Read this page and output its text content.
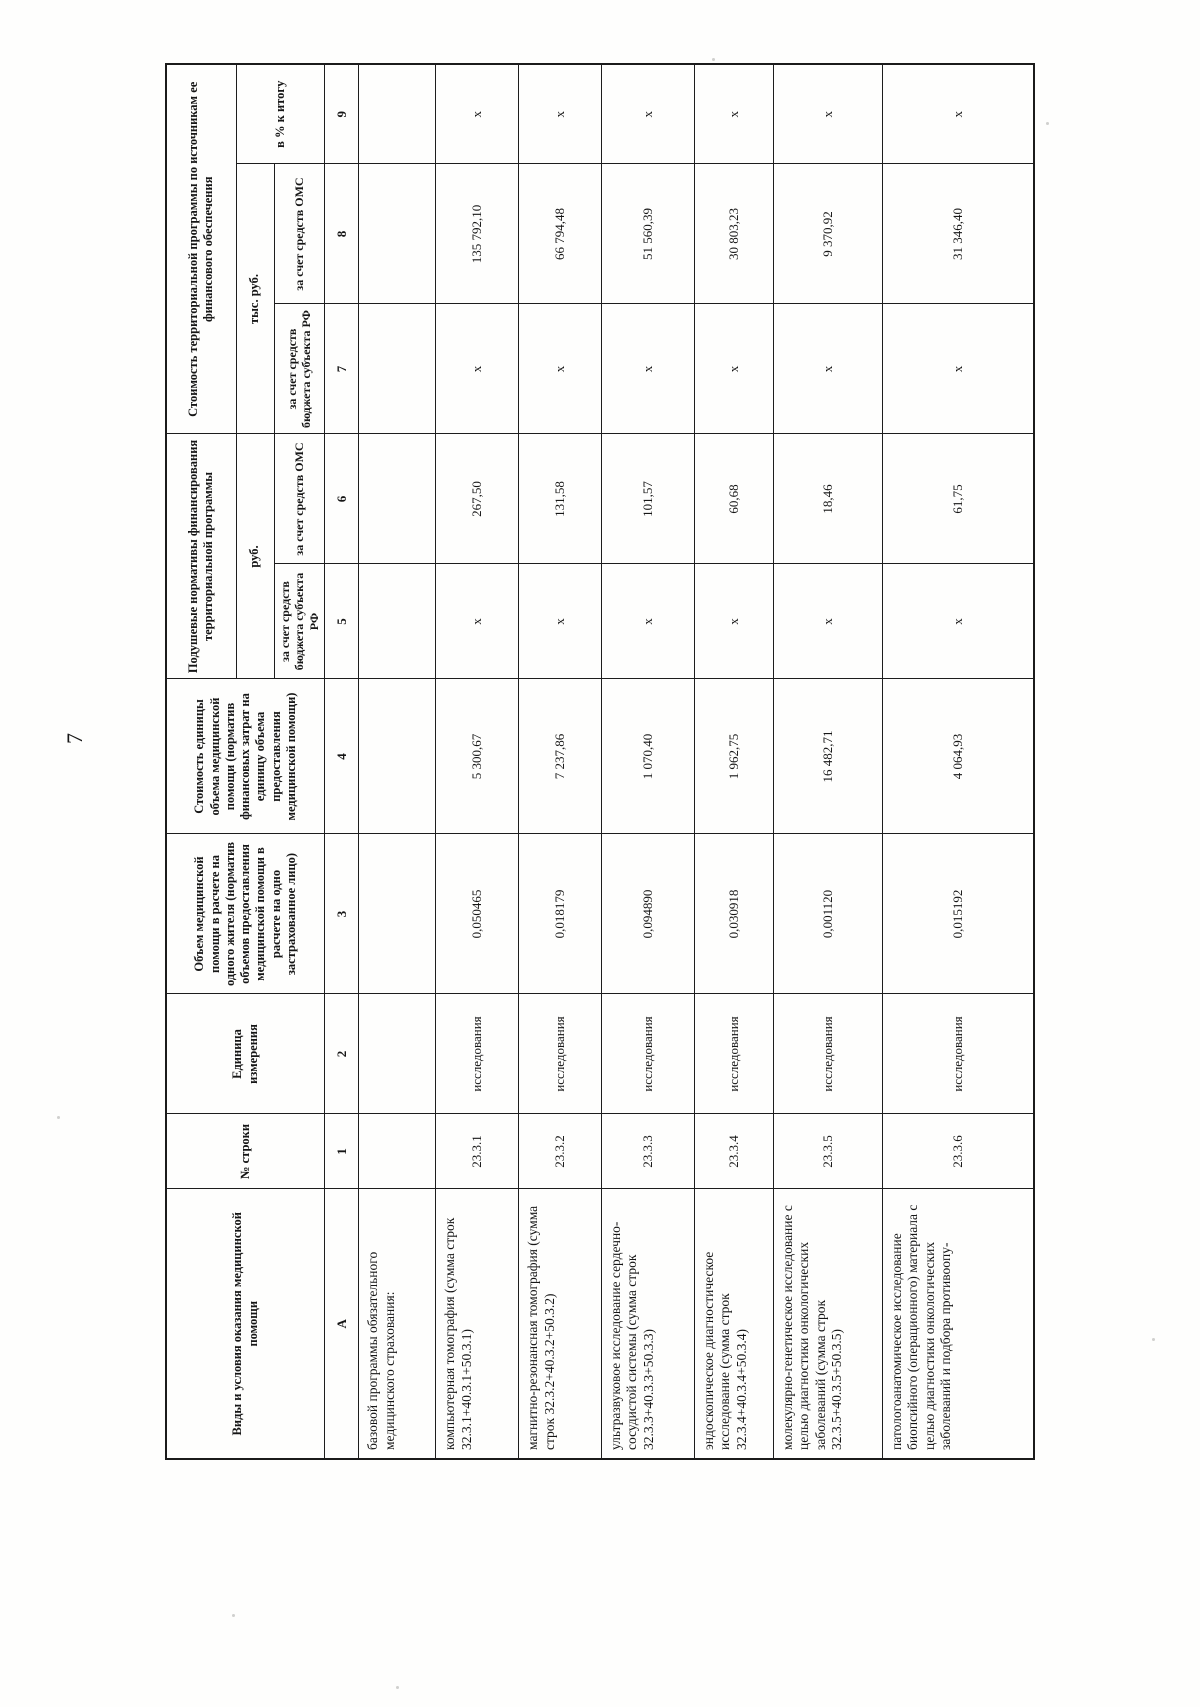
7
Виды и условия оказания медицинской помощи	№ строки	Единица измерения	Объем медицинской помощи в расчете на одного жителя (норматив объемов предоставления медицинской помощи в расчете на одно застрахованное лицо)	Стоимость единицы объема медицинской помощи (норматив финансовых затрат на единицу объема предоставления медицинской помощи)	Подушевые нормативы финансирования территориальной программы		Стоимость территориальной программы по источникам ее финансового обеспечения		
					руб.		тыс. руб.		в % к итогу
					за счет средств бюджета субъекта РФ	за счет средств ОМС	за счет средств бюджета субъекта РФ	за счет средств ОМС	
А	1	2	3	4	5	6	7	8	9
базовой программы обязательного медицинского страхования:									
компьютерная томография (сумма строк 32.3.1+40.3.1+50.3.1)	23.3.1	исследования	0,050465	5 300,67	х	267,50	х	135 792,10	х
магнитно-резонансная томография (сумма строк 32.3.2+40.3.2+50.3.2)	23.3.2	исследования	0,018179	7 237,86	х	131,58	х	66 794,48	х
ультразвуковое исследование сердечно-сосудистой системы (сумма строк 32.3.3+40.3.3+50.3.3)	23.3.3	исследования	0,094890	1 070,40	х	101,57	х	51 560,39	х
эндоскопическое диагностическое исследование (сумма строк 32.3.4+40.3.4+50.3.4)	23.3.4	исследования	0,030918	1 962,75	х	60,68	х	30 803,23	х
молекулярно-генетическое исследование с целью диагностики онкологических заболеваний (сумма строк 32.3.5+40.3.5+50.3.5)	23.3.5	исследования	0,001120	16 482,71	х	18,46	х	9 370,92	х
патологоанатомическое исследование биопсийного (операционного) материала с целью диагностики онкологических заболеваний и подбора противоопу-	23.3.6	исследования	0,015192	4 064,93	х	61,75	х	31 346,40	х
